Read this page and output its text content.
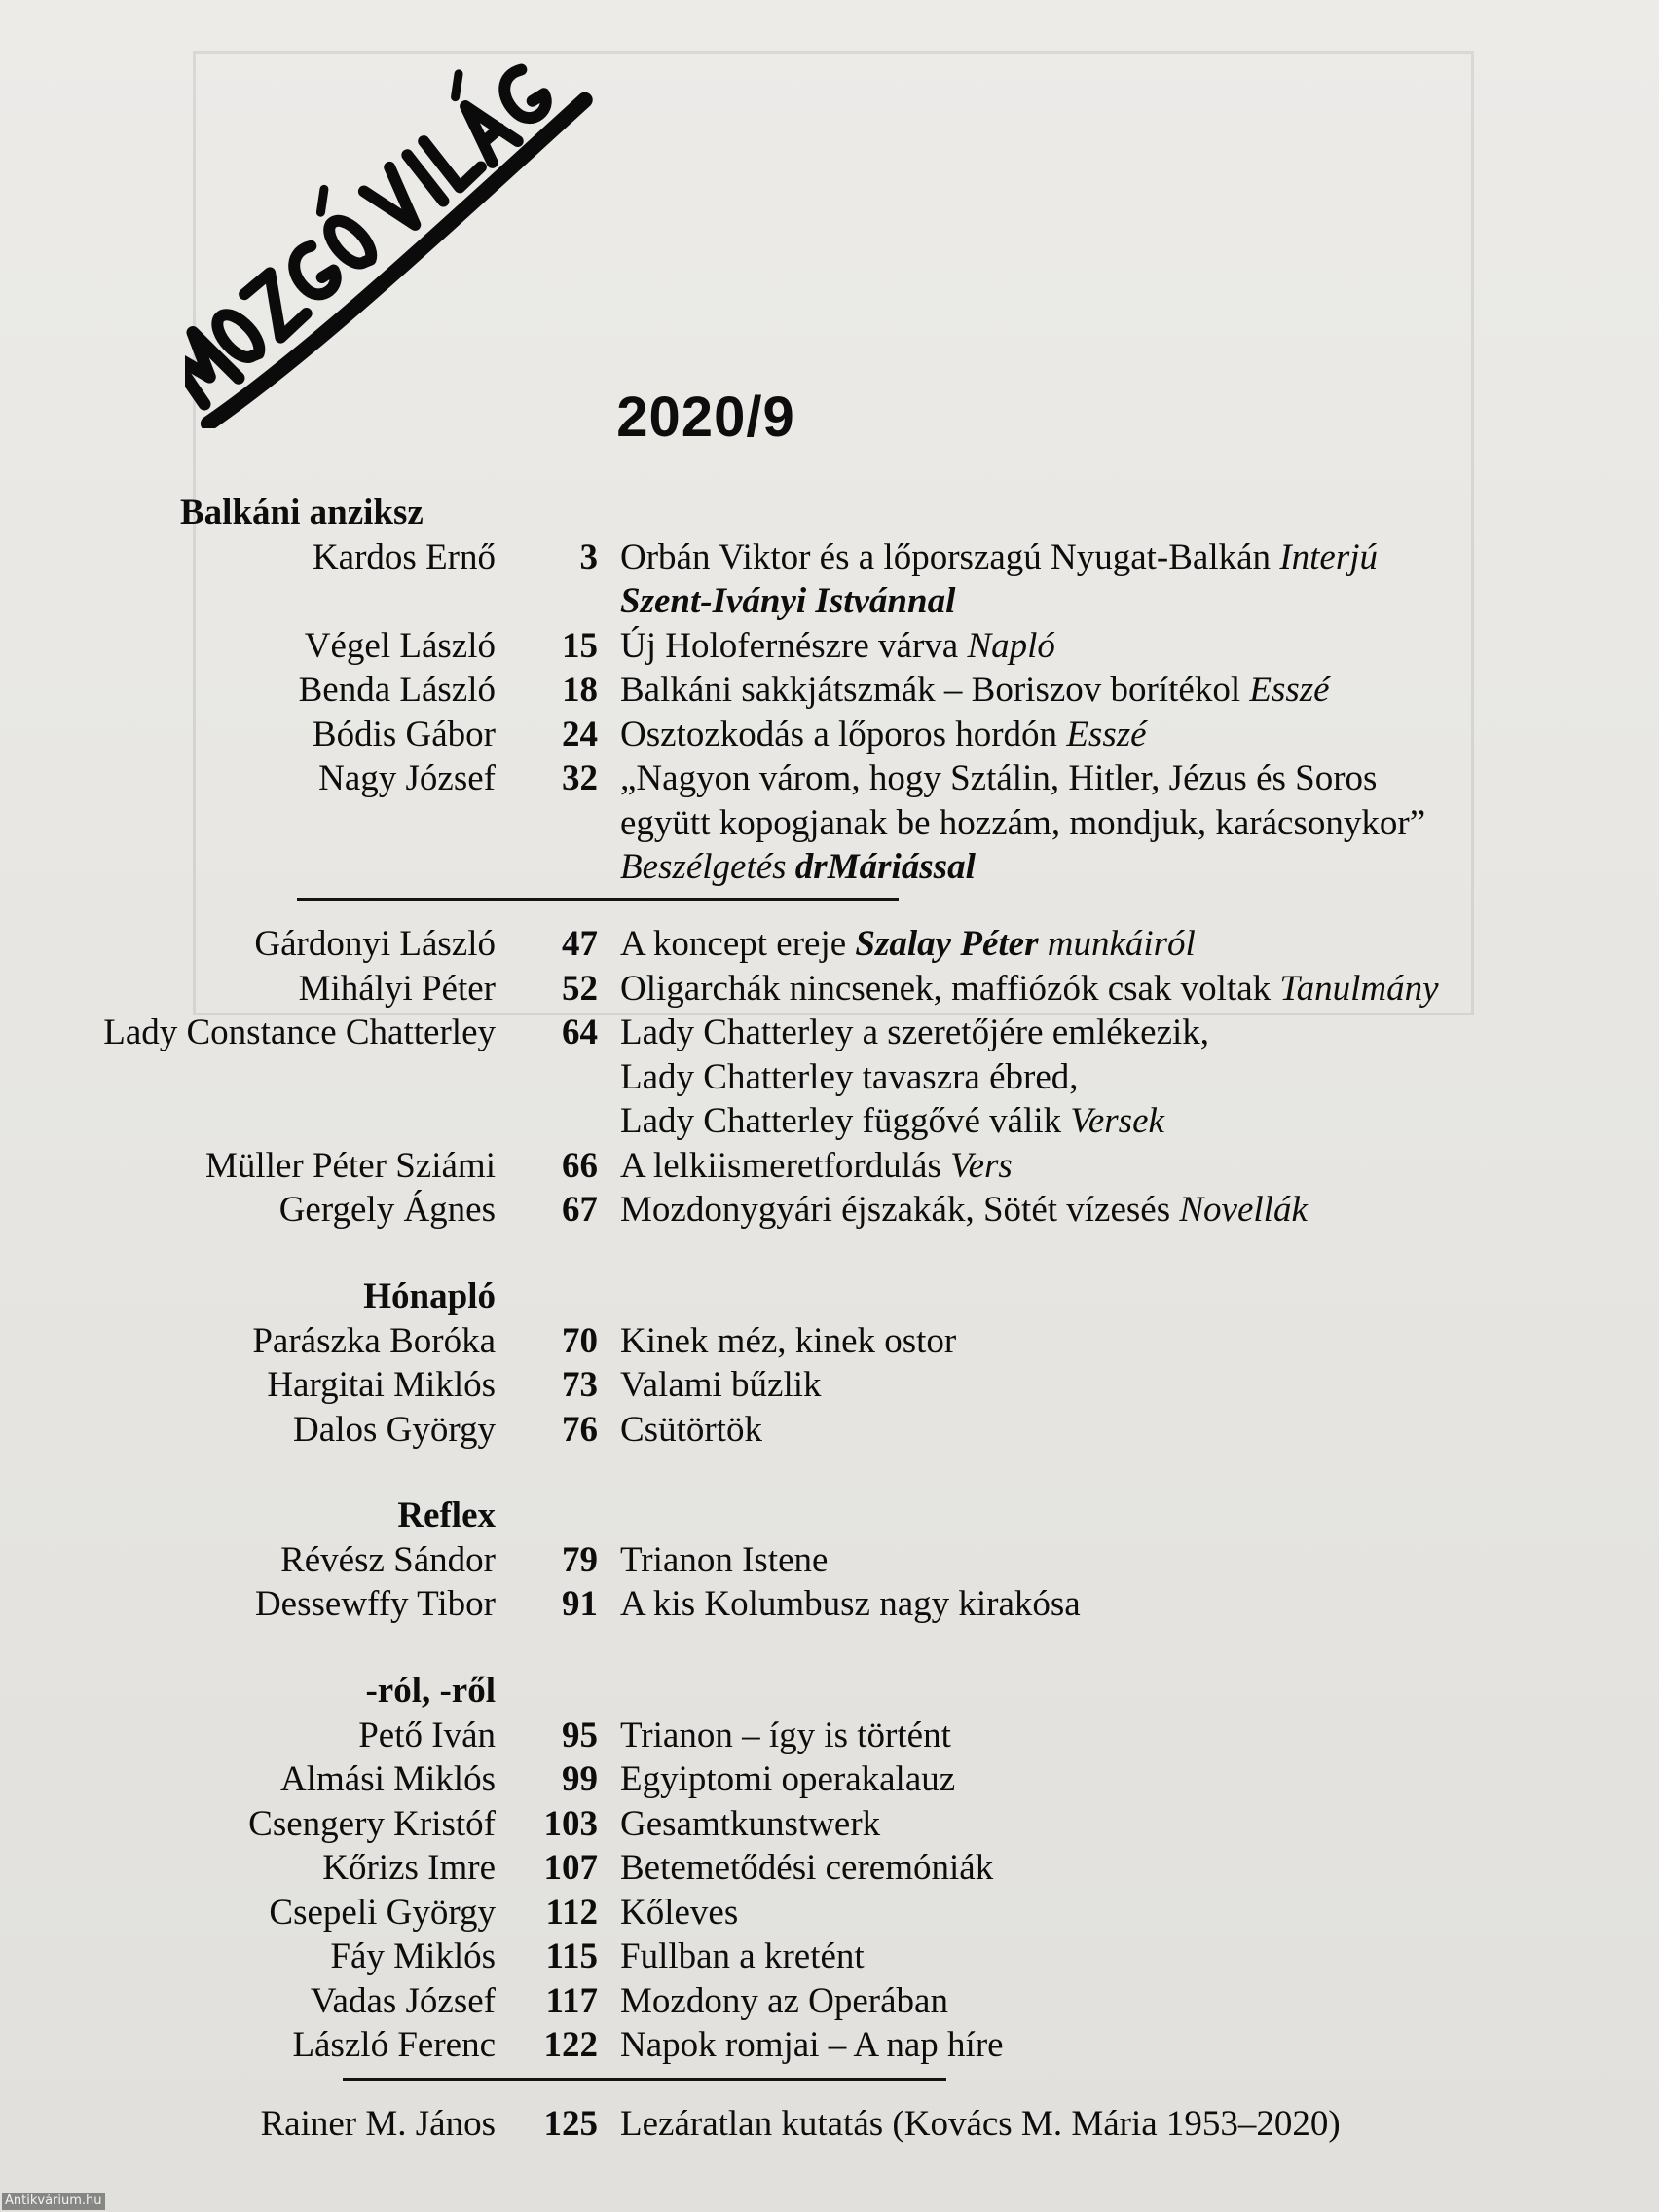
2020/9
Balkáni anziksz
Kardos Ernő 3 Orbán Viktor és a lőporszagú Nyugat-Balkán Interjú
Szent-Iványi Istvánnal
Végel László 15 Új Holofernészre várva Napló
Benda László 18 Balkáni sakkjátszmák – Boriszov borítékol Esszé
Bódis Gábor 24 Osztozkodás a lőporos hordón Esszé
Nagy József 32 „Nagyon várom, hogy Sztálin, Hitler, Jézus és Soros
együtt kopogjanak be hozzám, mondjuk, karácsonykor”
Beszélgetés drMáriással
Gárdonyi László 47 A koncept ereje Szalay Péter munkáiról
Mihályi Péter 52 Oligarchák nincsenek, maffiózók csak voltak Tanulmány
Lady Constance Chatterley 64 Lady Chatterley a szeretőjére emlékezik,
Lady Chatterley tavaszra ébred,
Lady Chatterley függővé válik Versek
Müller Péter Sziámi 66 A lelkiismeretfordulás Vers
Gergely Ágnes 67 Mozdonygyári éjszakák, Sötét vízesés Novellák
Hónapló
Parászka Boróka 70 Kinek méz, kinek ostor
Hargitai Miklós 73 Valami bűzlik
Dalos György 76 Csütörtök
Reflex
Révész Sándor 79 Trianon Istene
Dessewffy Tibor 91 A kis Kolumbusz nagy kirakósa
-ról, -ről
Pető Iván 95 Trianon – így is történt
Almási Miklós 99 Egyiptomi operakalauz
Csengery Kristóf 103 Gesamtkunstwerk
Kőrizs Imre 107 Betemetődési ceremóniák
Csepeli György 112 Kőleves
Fáy Miklós 115 Fullban a kretént
Vadas József 117 Mozdony az Operában
László Ferenc 122 Napok romjai – A nap híre
Rainer M. János 125 Lezáratlan kutatás (Kovács M. Mária 1953–2020)
Antikvárium.hu
